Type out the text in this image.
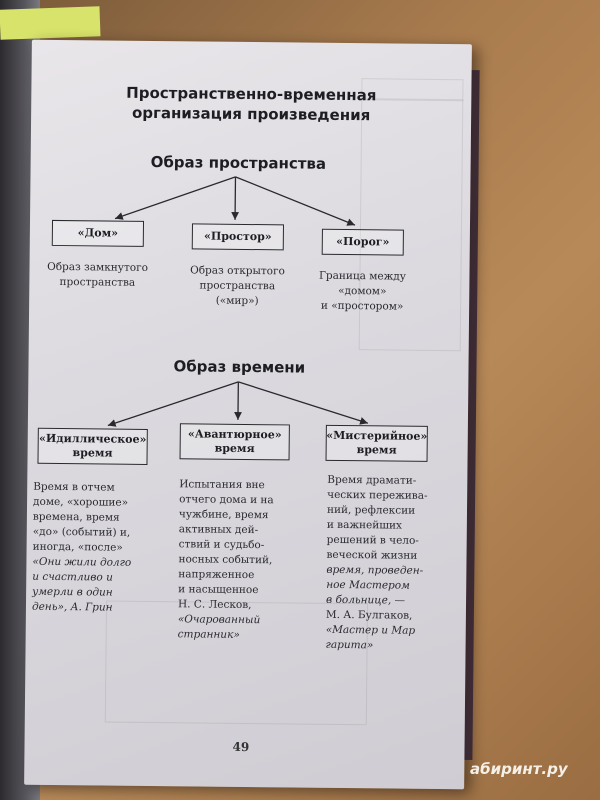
Пространственно-временная
организация произведения
Образ пространства
«Дом»	«Простор»	«Порог»
Образ замкнутого
пространства
Образ открытого
пространства
(«мир»)
Граница между
«домом»
и «простором»
Образ времени
«Идиллическое»
время
«Авантюрное»
время
«Мистерийное»
время
Время в отчем
доме, «хорошие»
времена, время
«до» (событий) и,
иногда, «после»
«Они жили долго
и счастливо и
умерли в один
день», А. Грин
Испытания вне
отчего дома и на
чужбине, время
активных дей-
ствий и судьбо-
носных событий,
напряженное
и насыщенное
Н. С. Лесков,
«Очарованный
странник»
Время драмати-
ческих пережива-
ний, рефлексии
и важнейших
решений в чело-
веческой жизни
время, проведен-
ное Мастером
в больнице, —
М. А. Булгаков,
«Мастер и Мар
гарита»
49
абиринт.ру
